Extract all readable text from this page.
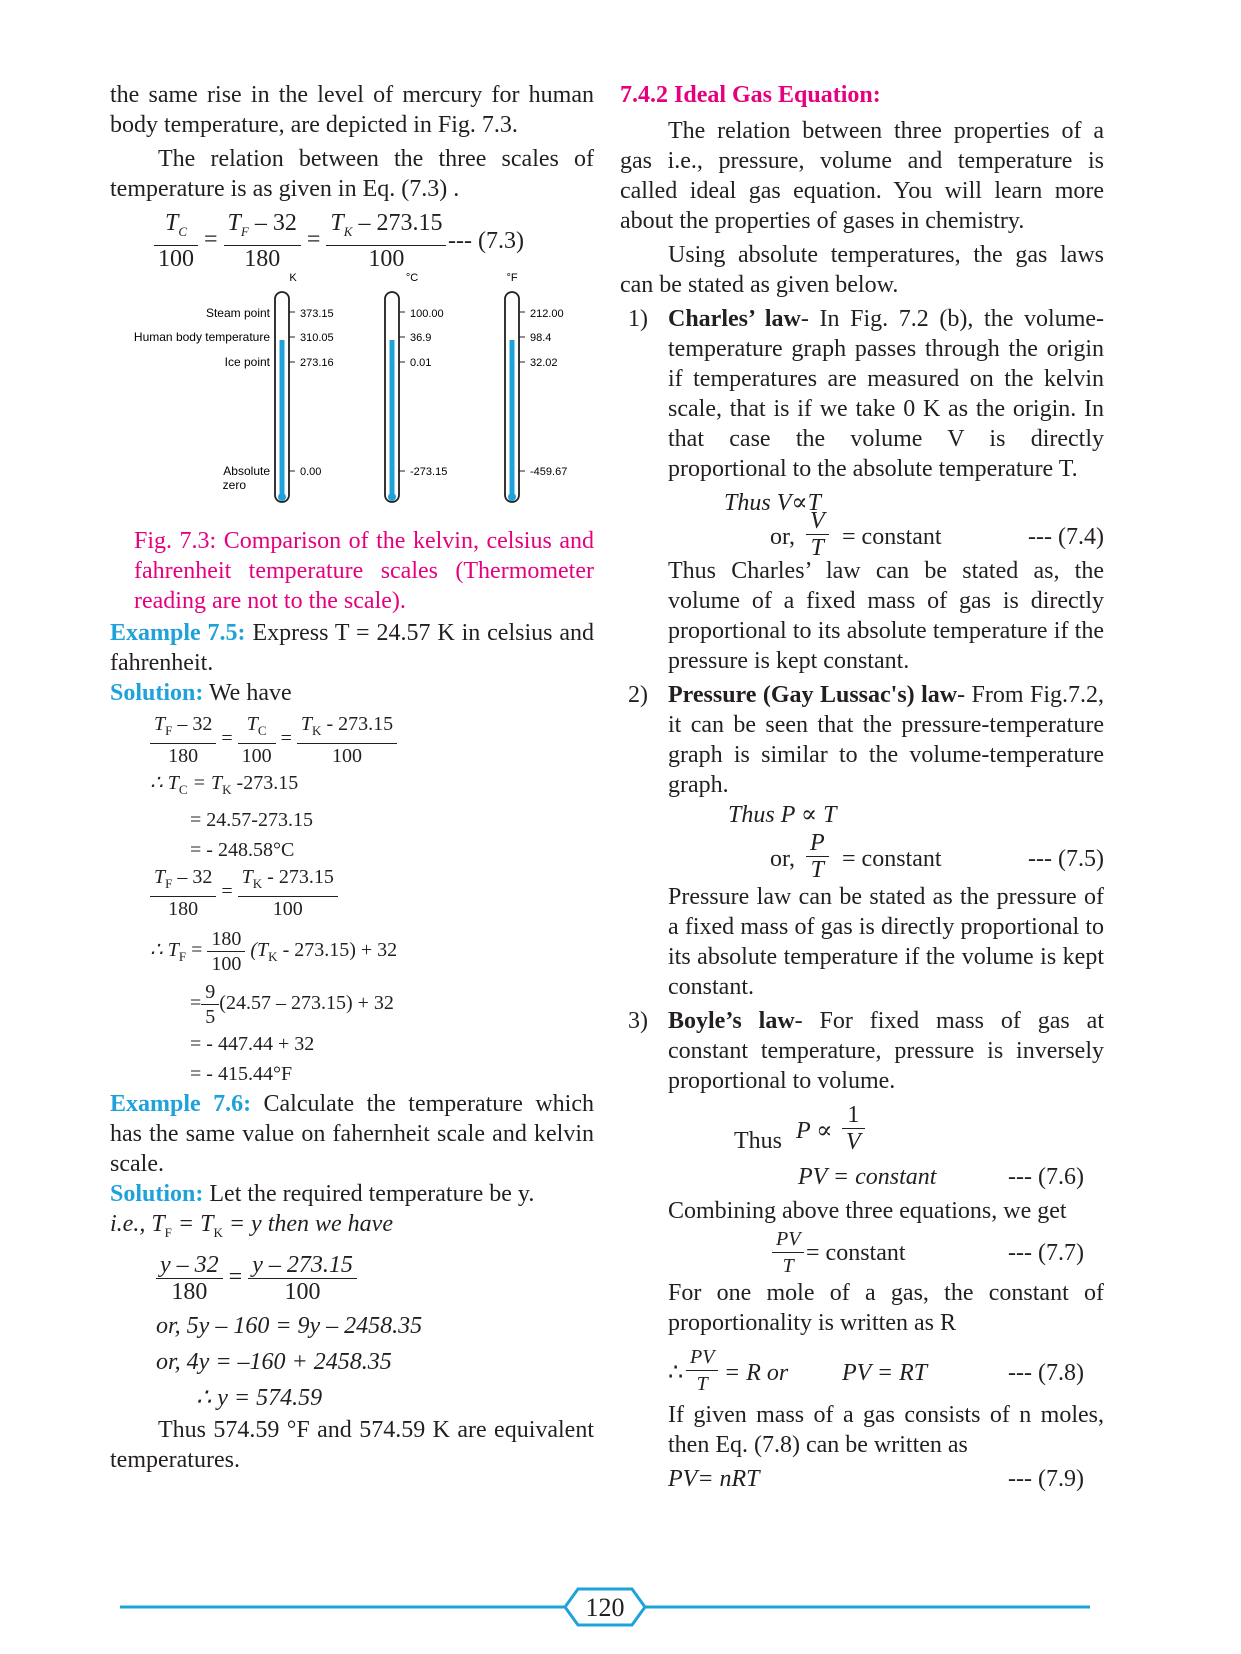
the same rise in the level of mercury for human body temperature, are depicted in Fig. 7.3.

The relation between the three scales of temperature is as given in Eq. (7.3) .

$\frac{T_C}{100} = \frac{T_F - 32}{180} = \frac{T_K - 273.15}{100}$ --- (7.3)
K	°C	°F
Steam point
Human body temperature
Ice point
Absolute
zero
373.15
310.05
273.16
0.00
100.00
36.9
0.01
-273.15
212.00
98.4
32.02
-459.67

Fig. 7.3: Comparison of the kelvin, celsius and fahrenheit temperature scales (Thermometer reading are not to the scale).

Example 7.5: Express T = 24.57 K in celsius and fahrenheit.

Solution: We have

$\frac{T_F - 32}{180} = \frac{T_C}{100} = \frac{T_K - 273.15}{100}$
∴ $T_C = T_K$ -273.15
= 24.57-273.15
= - 248.58°C
$\frac{T_F - 32}{180} = \frac{T_K - 273.15}{100}$
∴ $T_F = \frac{180}{100} (T_K - 273.15) + 32$
= $\frac{9}{5} (24.57 - 273.15) + 32$
= - 447.44 + 32
= - 415.44°F

Example 7.6: Calculate the temperature which has the same value on fahernheit scale and kelvin scale.

Solution: Let the required temperature be y.

i.e., $T_F = T_K = y$ then we have

$\frac{y - 32}{180} = \frac{y - 273.15}{100}$
or, 5y – 160 = 9y – 2458.35
or, 4y = –160 + 2458.35
∴ y = 574.59

Thus 574.59 °F and 574.59 K are equivalent temperatures.

7.4.2 Ideal Gas Equation:

The relation between three properties of a gas i.e., pressure, volume and temperature is called ideal gas equation. You will learn more about the properties of gases in chemistry.

Using absolute temperatures, the gas laws can be stated as given below.

1) Charles’ law- In Fig. 7.2 (b), the volume-temperature graph passes through the origin if temperatures are measured on the kelvin scale, that is if we take 0 K as the origin. In that case the volume V is directly proportional to the absolute temperature T.
Thus V∝T
or, $\frac{V}{T}$ = constant	--- (7.4)

Thus Charles’ law can be stated as, the volume of a fixed mass of gas is directly proportional to its absolute temperature if the pressure is kept constant.

2) Pressure (Gay Lussac's) law- From Fig.7.2, it can be seen that the pressure-temperature graph is similar to the volume-temperature graph.
Thus P ∝ T
or, $\frac{P}{T}$ = constant	--- (7.5)

Pressure law can be stated as the pressure of a fixed mass of gas is directly proportional to its absolute temperature if the volume is kept constant.

3) Boyle’s law- For fixed mass of gas at constant temperature, pressure is inversely proportional to volume.
Thus $P \propto \frac{1}{V}$
PV = constant	--- (7.6)

Combining above three equations, we get

$\frac{PV}{T}$ = constant	--- (7.7)

For one mole of a gas, the constant of proportionality is written as R

∴ $\frac{PV}{T} = R$ or PV = RT	--- (7.8)

If given mass of a gas consists of n moles, then Eq. (7.8) can be written as

PV= nRT	--- (7.9)
120
